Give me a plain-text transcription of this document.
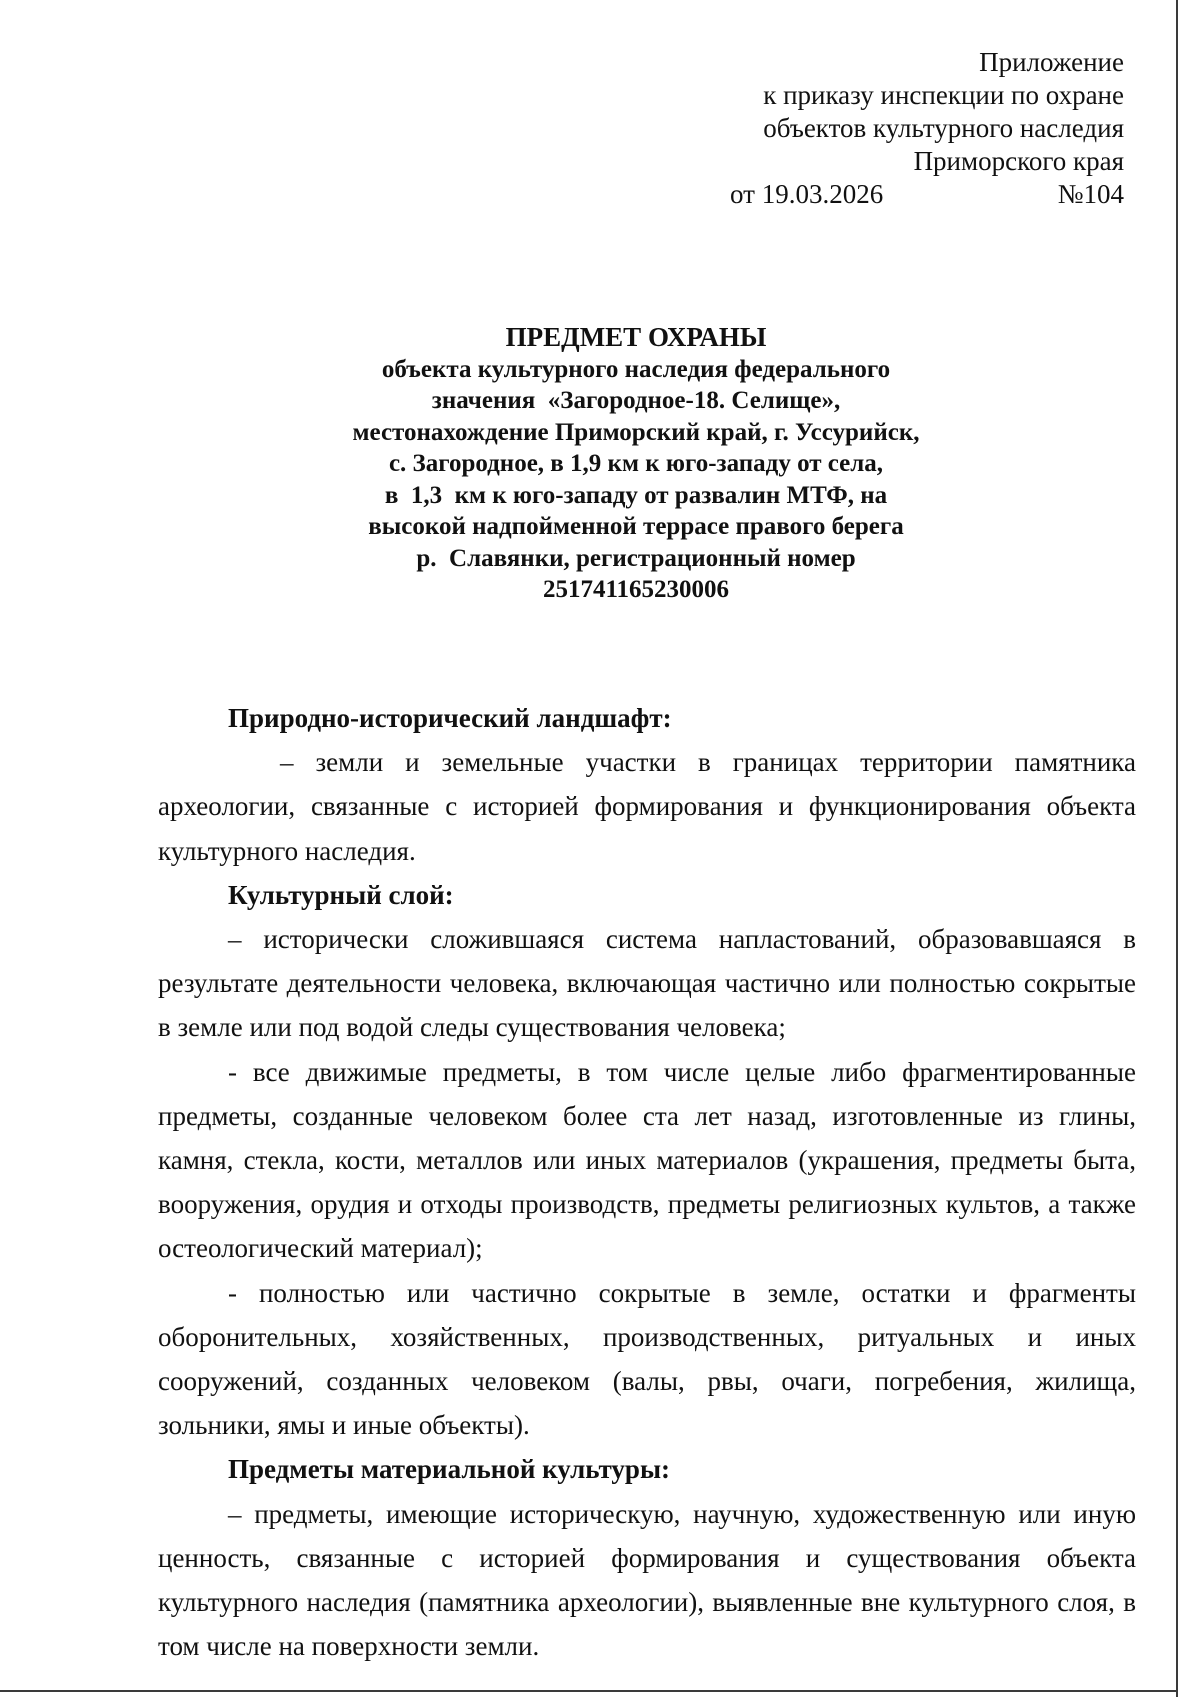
Приложение
к приказу инспекции по охране
объектов культурного наследия
Приморского края
от 19.03.2026	№104
ПРЕДМЕТ ОХРАНЫ
объекта культурного наследия федерального
значения  «Загородное-18. Селище»,
местонахождение Приморский край, г. Уссурийск,
с. Загородное, в 1,9 км к юго-западу от села,
в  1,3  км к юго-западу от развалин МТФ, на
высокой надпойменной террасе правого берега
р.  Славянки, регистрационный номер
251741165230006

Природно-исторический ландшафт:

– земли и земельные участки в границах территории памятника археологии, связанные с историей формирования и функционирования объекта культурного наследия.

Культурный слой:

– исторически сложившаяся система напластований, образовавшаяся в результате деятельности человека, включающая частично или полностью сокрытые в земле или под водой следы существования человека;

- все движимые предметы, в том числе целые либо фрагментированные предметы, созданные человеком более ста лет назад, изготовленные из глины, камня, стекла, кости, металлов или иных материалов (украшения, предметы быта, вооружения, орудия и отходы производств, предметы религиозных культов, а также остеологический материал);

- полностью или частично сокрытые в земле, остатки и фрагменты оборонительных, хозяйственных, производственных, ритуальных и иных сооружений, созданных человеком (валы, рвы, очаги, погребения, жилища, зольники, ямы и иные объекты).

Предметы материальной культуры:

– предметы, имеющие историческую, научную, художественную или иную ценность, связанные с историей формирования и существования объекта культурного наследия (памятника археологии), выявленные вне культурного слоя, в том числе на поверхности земли.
